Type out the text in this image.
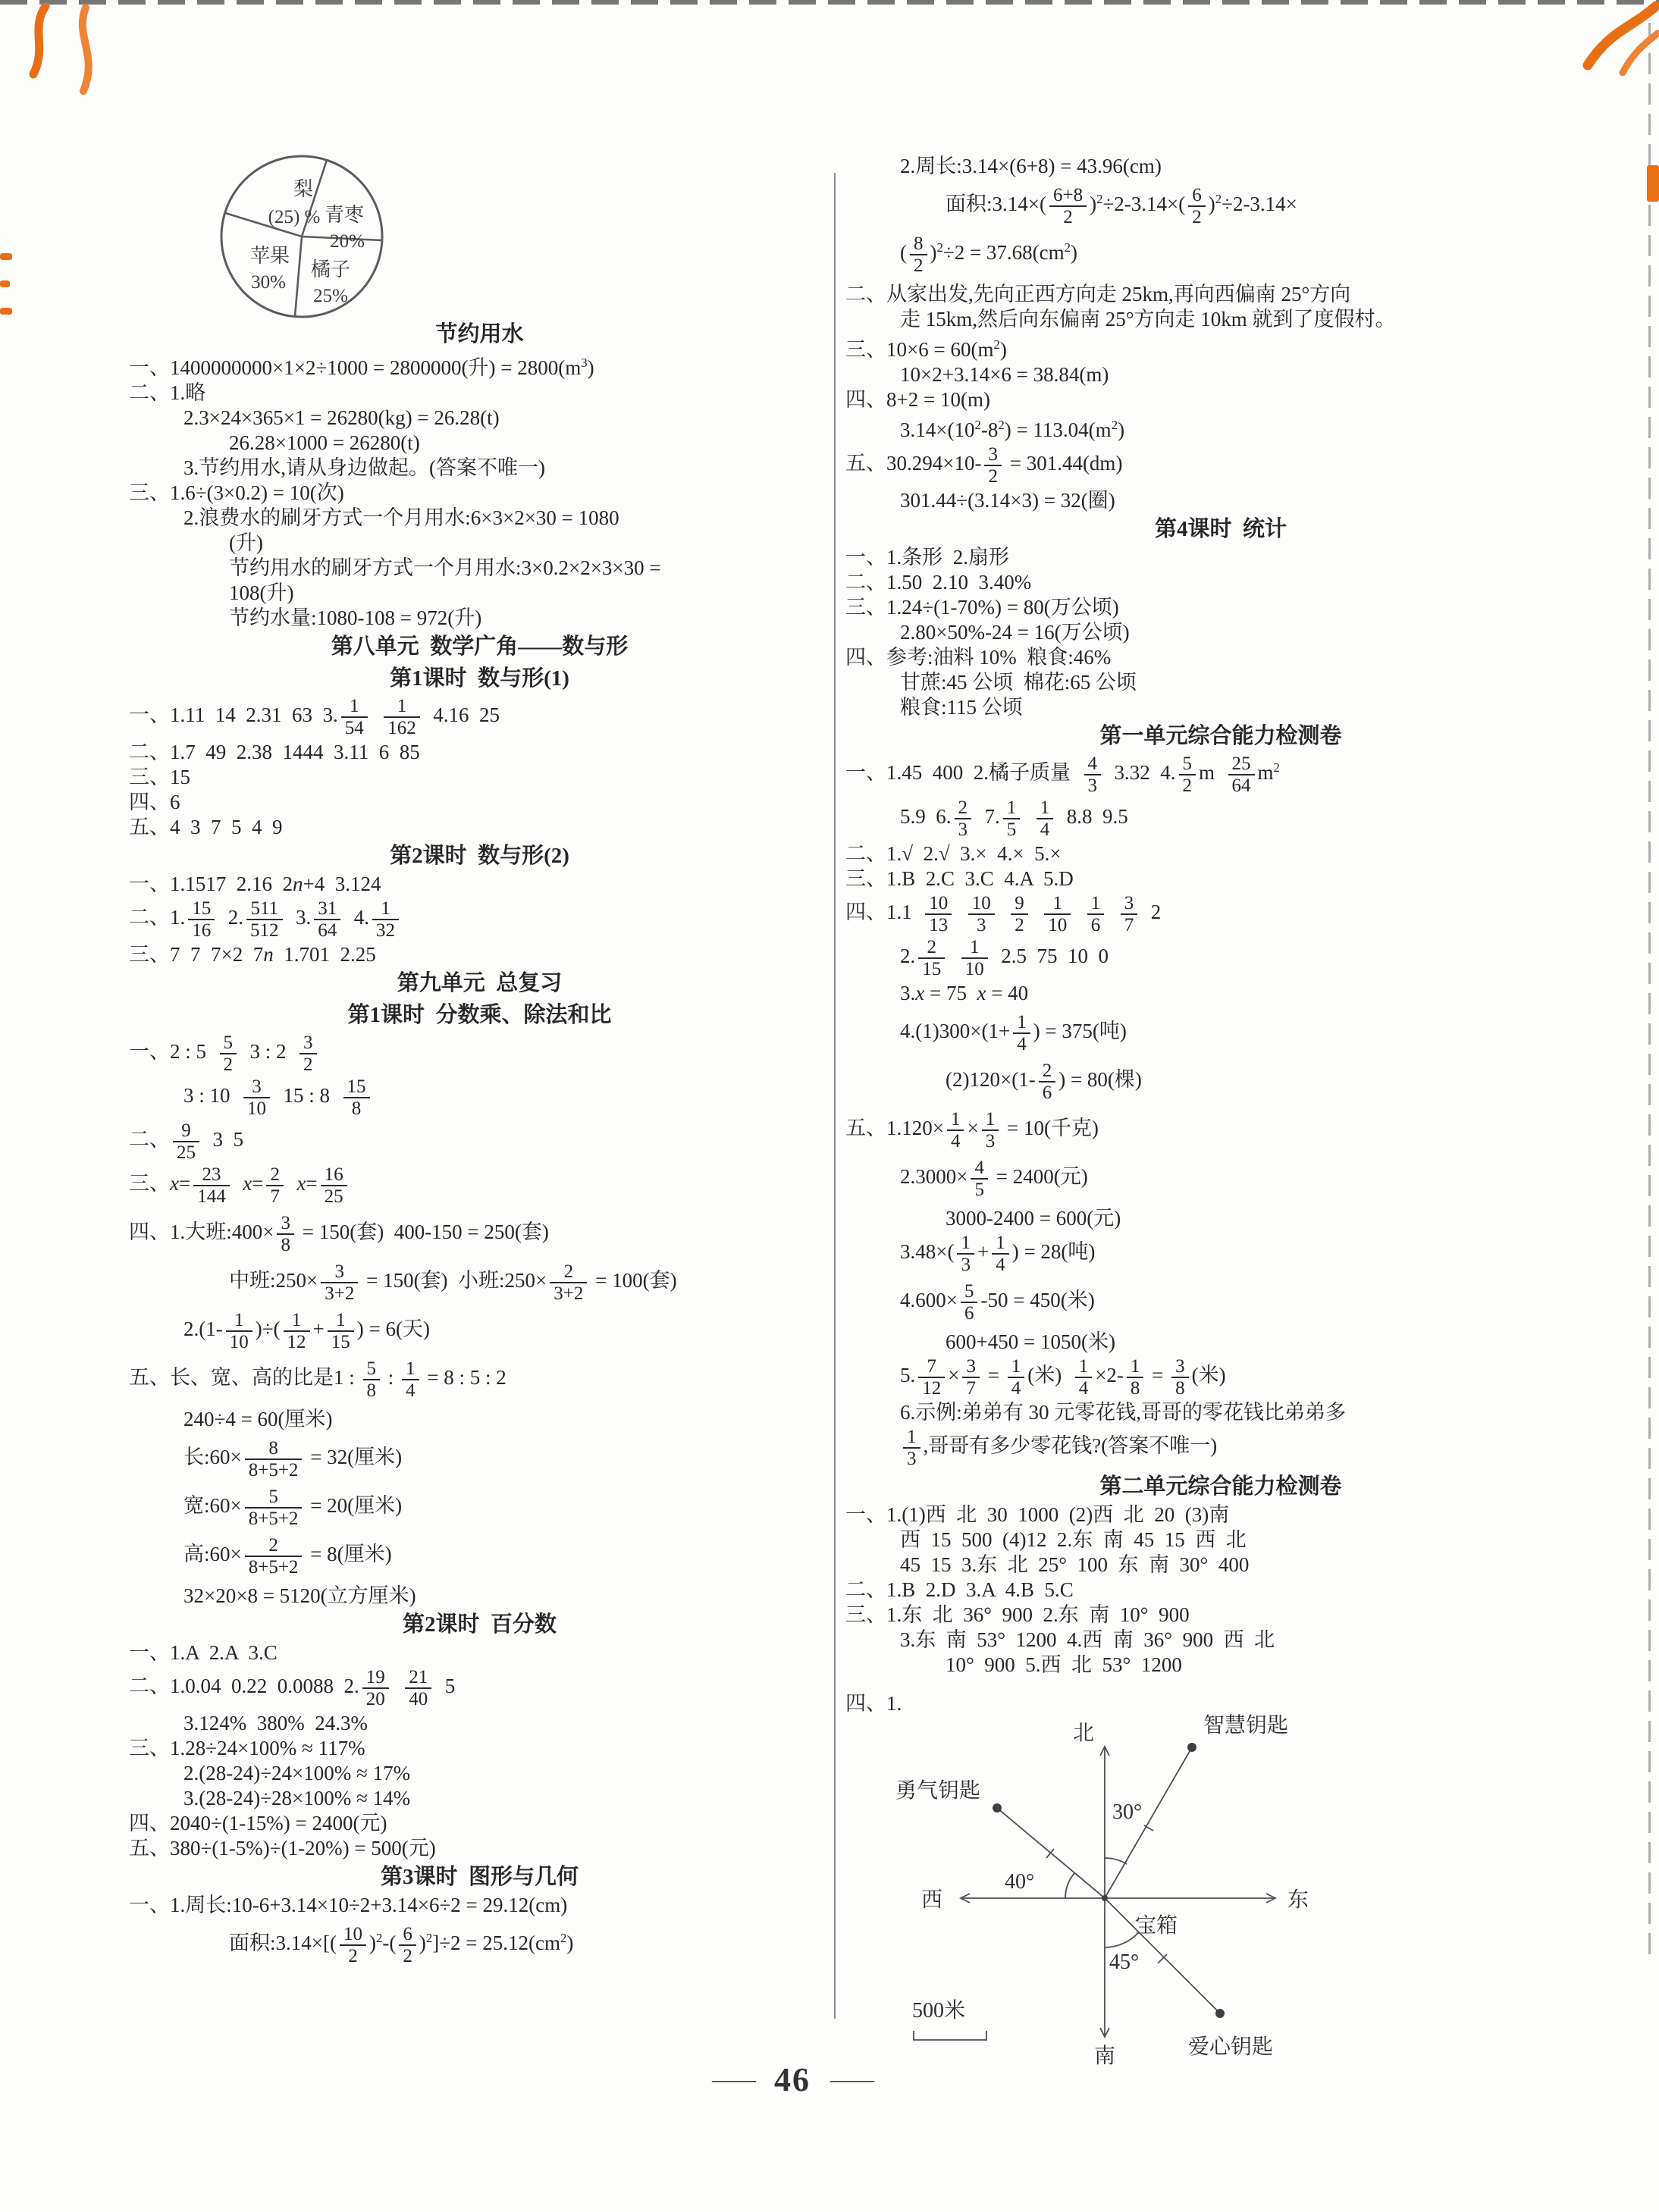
梨
(25) % 青枣
20%
橘子
25%
苹果
30%
节约用水
一、1400000000×1×2÷1000 = 2800000(升) = $2800(m^3)$
二、1.略
2.3×24×365×1 = 26280(kg) = 26.28(t)
26.28×1000 = 26280(t)
3.节约用水,请从身边做起。(答案不唯一)
三、1.6÷(3×0.2) = 10(次)
2.浪费水的刷牙方式一个月用水:6×3×2×30 = 1080
(升)
节约用水的刷牙方式一个月用水:3×0.2×2×3×30 =
108(升)
节约水量:1080-108 = 972(升)
第八单元  数学广角——数与形
第1课时  数与形(1)
一、1.11  14  2.31  63  3. $\frac{1}{54}$
$\frac{1}{162} 4.16$  25
二、1.7  49  2.38  1444  3.11  6  85
三、15
四、6
五、4  3  7  5  4  9
第2课时  数与形(2)
一、1.1517  2.16  2n+4  3.124
二、1. $\frac{15}{16} 2$. $\frac{511}{512} 3$. $\frac{31}{64} 4$. $\frac{1}{32}$
三、7  7  7×2  7n  1.701  2.25
第九单元  总复习
第1课时  分数乘、除法和比
一、2 : $5 \frac{5}{2} 3$ : $2 \frac{3}{2}$
3 : $10 \frac{3}{10} 15$ : $8 \frac{15}{8}$
二、 $\frac{9}{25} 3$  5
三、$x= \frac{23}{144} x= \frac{2}{7} x= \frac{16}{25}$
四、1.大班:400× $\frac{3}{8} = 150$(套)  400-150 = 250(套)
中班:250× $\frac{3}{3+2} = 150$(套)  小班:250× $\frac{2}{3+2} = 100$(套)
$2.(1- \frac{1}{10}$ )÷( $\frac{1}{12} + \frac{1}{15}$ ) = 6(天)
五、长、宽、高的比是1 : $\frac{5}{8}$ : $\frac{1}{4} = 8$ : 5 : 2
240÷4 = 60(厘米)
长:60× $\frac{8}{8+5+2} = 32$(厘米)
宽:60× $\frac{5}{8+5+2} = 20$(厘米)
高:60× $\frac{2}{8+5+2} = 8$(厘米)
32×20×8 = 5120(立方厘米)
第2课时  百分数
一、1.A  2.A  3.C
二、1.0.04  0.22  0.0088  2. $\frac{19}{20}$
$\frac{21}{40} 5$
3.124%  380%  24.3%
三、1.28÷24×100% ≈ 117%
2.(28-24)÷24×100% ≈ 17%
3.(28-24)÷28×100% ≈ 14%
四、2040÷(1-15%) = 2400(元)
五、380÷(1-5%)÷(1-20%) = 500(元)
第3课时  图形与几何
一、1.周长:10-6+3.14×10÷2+3.14×6÷2 = 29.12(cm)
面积:3.14×[( $\frac{10}{2} )^2-( \frac{6}{2} )^2]\div 2 = 25.12(cm^2)$
2.周长:3.14×(6+8) = 43.96(cm)
面积:3.14×( $\frac{6+8}{2} )^2\div 2-3.14\times( \frac{6}{2} )^2\div 2-3.14\times$
( $\frac{8}{2} )^2\div 2 = 37.68(cm^2)$
二、从家出发,先向正西方向走 25km,再向西偏南 25°方向
走 15km,然后向东偏南 25°方向走 10km 就到了度假村。
三、$10\times 6 = 60(m^2)$
10×2+3.14×6 = 38.84(m)
四、8+2 = 10(m)
$3.14\times(10^2-8^2) = 113.04(m^2)$
五、$30.294\times 10- \frac{3}{2} = 301.44(dm)$
301.44÷(3.14×3) = 32(圈)
第4课时  统计
一、1.条形  2.扇形
二、1.50  2.10  3.40%
三、1.24÷(1-70%) = 80(万公顷)
2.80×50%-24 = 16(万公顷)
四、参考:油料 10%  粮食:46%
甘蔗:45 公顷  棉花:65 公顷
粮食:115 公顷
第一单元综合能力检测卷
一、1.45  400  2.橘子质量 $\frac{4}{3} 3.32$  4. $\frac{5}{2}$ m $\frac{25}{64} m^2$
5.9  6. $\frac{2}{3} 7$. $\frac{1}{5}$
$\frac{1}{4} 8.8$  9.5
二、1.√  2.√  3.×  4.×  5.×
三、1.B  2.C  3.C  4.A  5.D
四、$1.1 \frac{10}{13}$
$\frac{10}{3}$
$\frac{9}{2}$
$\frac{1}{10}$
$\frac{1}{6}$
$\frac{3}{7} 2$
2. $\frac{2}{15}$
$\frac{1}{10} 2.5$  75  10  0
3.x = 75  x = 40
$4.(1)300\times(1+ \frac{1}{4}$ ) = 375(吨)
$(2)120\times(1- \frac{2}{6}$ ) = 80(棵)
五、$1.120\times \frac{1}{4} \times \frac{1}{3} = 10$(千克)
$2.3000\times \frac{4}{5} = 2400$(元)
3000-2400 = 600(元)
$3.48\times( \frac{1}{3} + \frac{1}{4}$ ) = 28(吨)
$4.600\times \frac{5}{6} -50 = 450$(米)
600+450 = 1050(米)
5. $\frac{7}{12} \times \frac{3}{7} = \frac{1}{4}$ (米) $\frac{1}{4} \times 2- \frac{1}{8} = \frac{3}{8}$ (米)
6.示例:弟弟有 30 元零花钱,哥哥的零花钱比弟弟多
$\frac{1}{3}$ ,哥哥有多少零花钱?(答案不唯一)
第二单元综合能力检测卷
一、1.(1)西  北  30  1000  (2)西  北  20  (3)南
西  15  500  (4)12  2.东  南  45  15  西  北
45  15  3.东  北  25°  100  东  南  30°  400
二、1.B  2.D  3.A  4.B  5.C
三、1.东  北  36°  900  2.东  南  10°  900
3.东  南  53°  1200  4.西  南  36°  900  西  北
10°  900  5.西  北  53°  1200
四、1.
北
南
西	东
智慧钥匙
勇气钥匙
爱心钥匙
宝箱
30°
40°
45°
500米
—— 46 ——
